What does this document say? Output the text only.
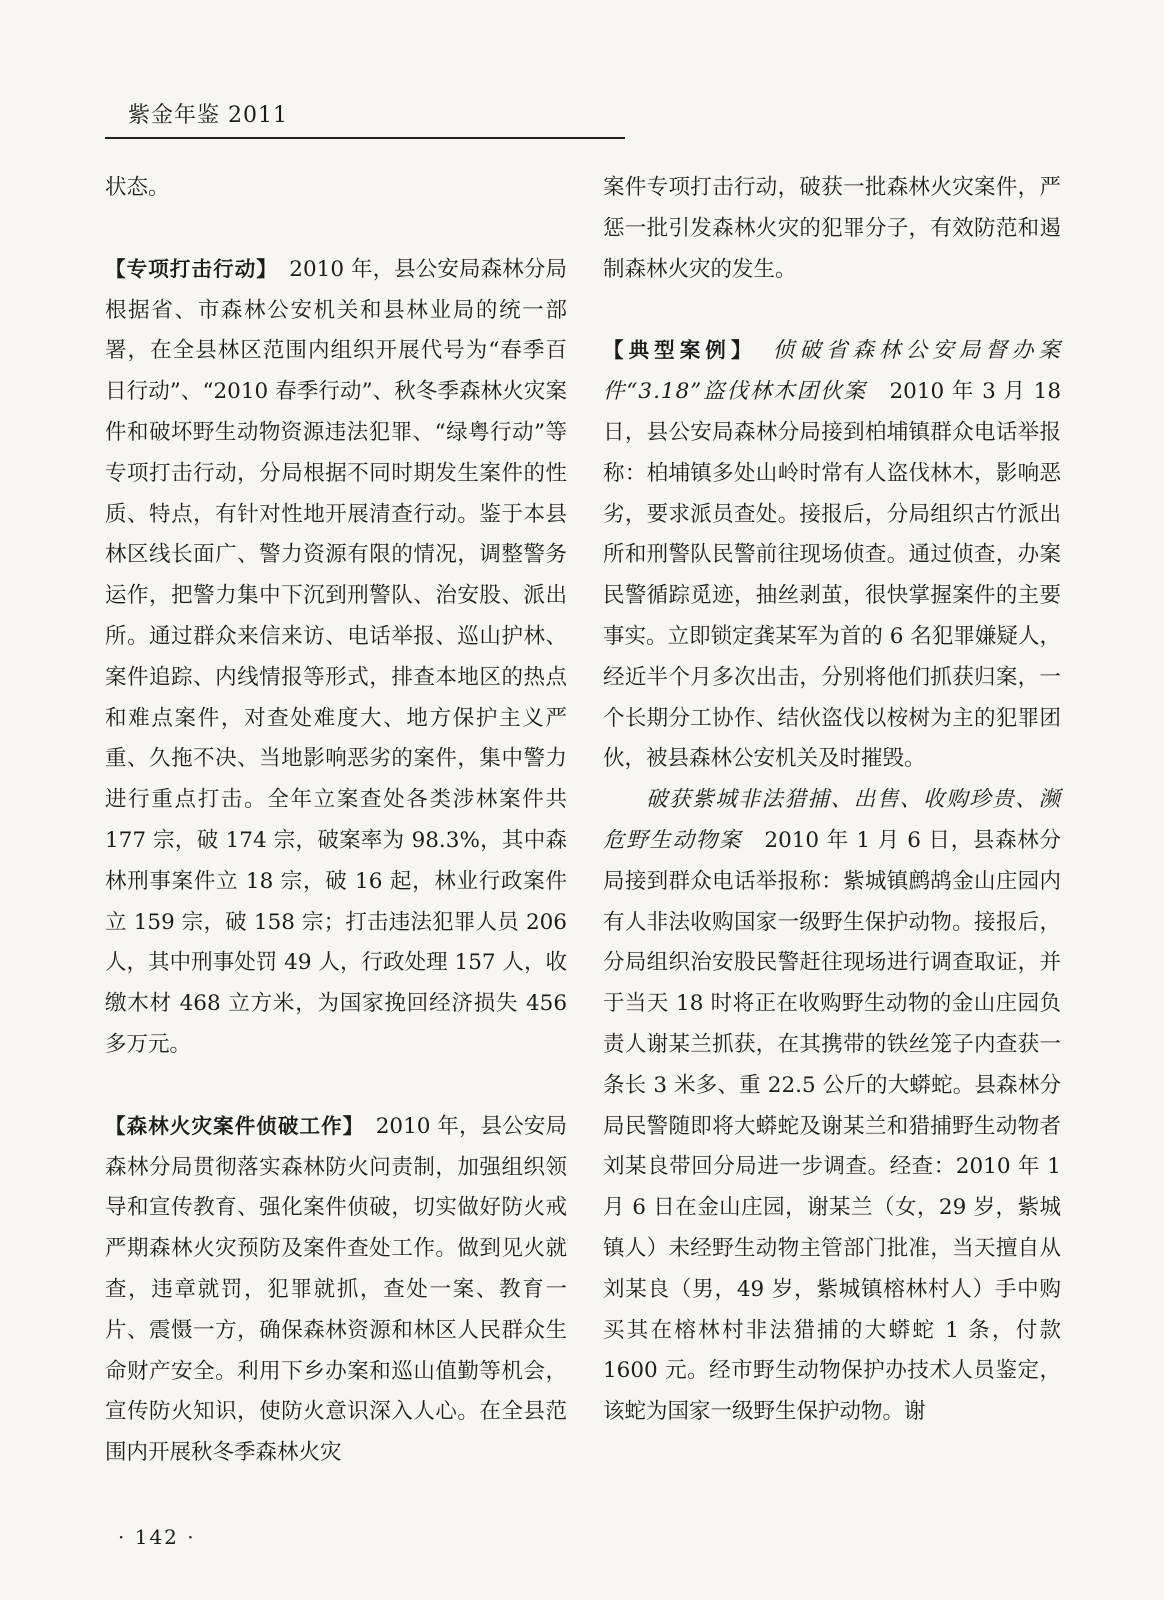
紫金年鉴 2011

状态。

【专项打击行动】　2010 年，县公安局森林分局根据省、市森林公安机关和县林业局的统一部署，在全县林区范围内组织开展代号为“春季百日行动”、“2010 春季行动”、秋冬季森林火灾案件和破坏野生动物资源违法犯罪、“绿粤行动”等专项打击行动，分局根据不同时期发生案件的性质、特点，有针对性地开展清查行动。鉴于本县林区线长面广、警力资源有限的情况，调整警务运作，把警力集中下沉到刑警队、治安股、派出所。通过群众来信来访、电话举报、巡山护林、案件追踪、内线情报等形式，排查本地区的热点和难点案件，对查处难度大、地方保护主义严重、久拖不决、当地影响恶劣的案件，集中警力进行重点打击。全年立案查处各类涉林案件共 177 宗，破 174 宗，破案率为 98.3%，其中森林刑事案件立 18 宗，破 16 起，林业行政案件立 159 宗，破 158 宗；打击违法犯罪人员 206 人，其中刑事处罚 49 人，行政处理 157 人，收缴木材 468 立方米，为国家挽回经济损失 456 多万元。

【森林火灾案件侦破工作】　2010 年，县公安局森林分局贯彻落实森林防火问责制，加强组织领导和宣传教育、强化案件侦破，切实做好防火戒严期森林火灾预防及案件查处工作。做到见火就查，违章就罚，犯罪就抓，查处一案、教育一片、震慑一方，确保森林资源和林区人民群众生命财产安全。利用下乡办案和巡山值勤等机会，宣传防火知识，使防火意识深入人心。在全县范围内开展秋冬季森林火灾

案件专项打击行动，破获一批森林火灾案件，严惩一批引发森林火灾的犯罪分子，有效防范和遏制森林火灾的发生。

【典型案例】　侦破省森林公安局督办案件“3.18”盗伐林木团伙案　2010 年 3 月 18 日，县公安局森林分局接到柏埔镇群众电话举报称：柏埔镇多处山岭时常有人盗伐林木，影响恶劣，要求派员查处。接报后，分局组织古竹派出所和刑警队民警前往现场侦查。通过侦查，办案民警循踪觅迹，抽丝剥茧，很快掌握案件的主要事实。立即锁定龚某军为首的 6 名犯罪嫌疑人，经近半个月多次出击，分别将他们抓获归案，一个长期分工协作、结伙盗伐以桉树为主的犯罪团伙，被县森林公安机关及时摧毁。

破获紫城非法猎捕、出售、收购珍贵、濒危野生动物案　2010 年 1 月 6 日，县森林分局接到群众电话举报称：紫城镇鹧鸪金山庄园内有人非法收购国家一级野生保护动物。接报后，分局组织治安股民警赶往现场进行调查取证，并于当天 18 时将正在收购野生动物的金山庄园负责人谢某兰抓获，在其携带的铁丝笼子内查获一条长 3 米多、重 22.5 公斤的大蟒蛇。县森林分局民警随即将大蟒蛇及谢某兰和猎捕野生动物者刘某良带回分局进一步调查。经查：2010 年 1 月 6 日在金山庄园，谢某兰（女，29 岁，紫城镇人）未经野生动物主管部门批准，当天擅自从刘某良（男，49 岁，紫城镇榕林村人）手中购买其在榕林村非法猎捕的大蟒蛇 1 条，付款 1600 元。经市野生动物保护办技术人员鉴定，该蛇为国家一级野生保护动物。谢

· 142 ·
